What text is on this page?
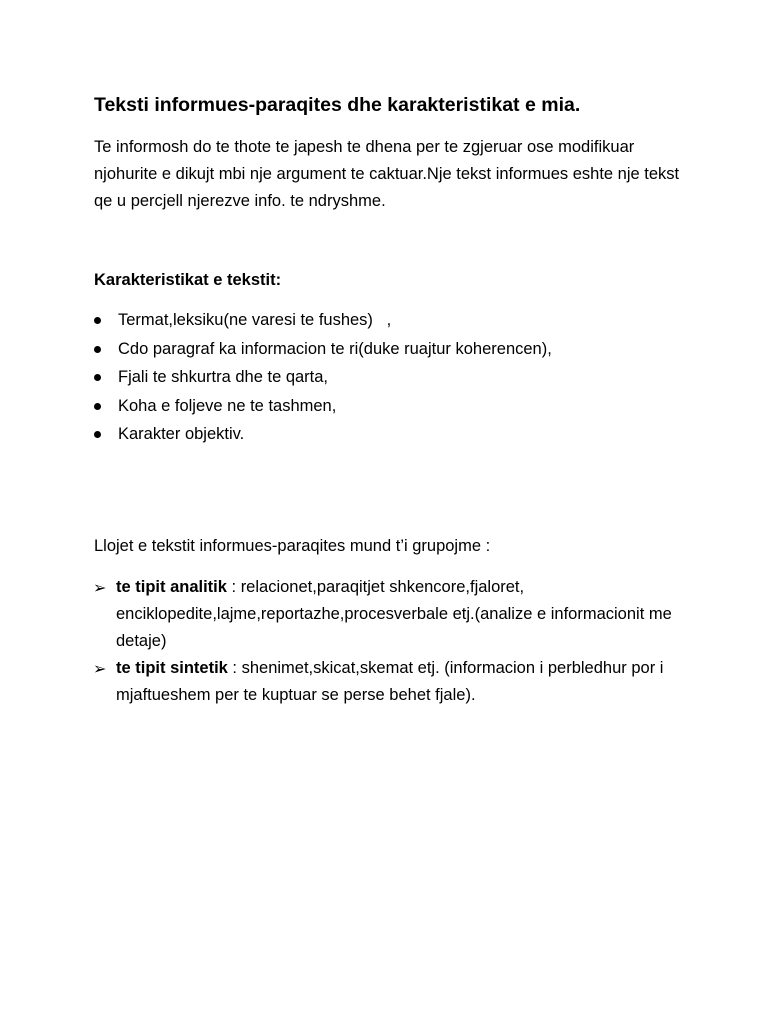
Teksti informues-paraqites dhe karakteristikat e mia.

Te informosh do te thote te japesh te dhena per te zgjeruar ose modifikuar njohurite e dikujt mbi nje argument te caktuar.Nje tekst informues eshte nje tekst qe u percjell njerezve info. te ndryshme.

Karakteristikat e tekstit:
Termat,leksiku(ne varesi te fushes)   ,
Cdo paragraf ka informacion te ri(duke ruajtur koherencen),
Fjali te shkurtra dhe te qarta,
Koha e foljeve ne te tashmen,
Karakter objektiv.

Llojet e tekstit informues-paraqites mund t’i grupojme :

➢ te tipit analitik : relacionet,paraqitjet shkencore,fjaloret, enciklopedite,lajme,reportazhe,procesverbale etj.(analize e informacionit me detaje)
➢ te tipit sintetik : shenimet,skicat,skemat etj. (informacion i perbledhur por i mjaftueshem per te kuptuar se perse behet fjale).
